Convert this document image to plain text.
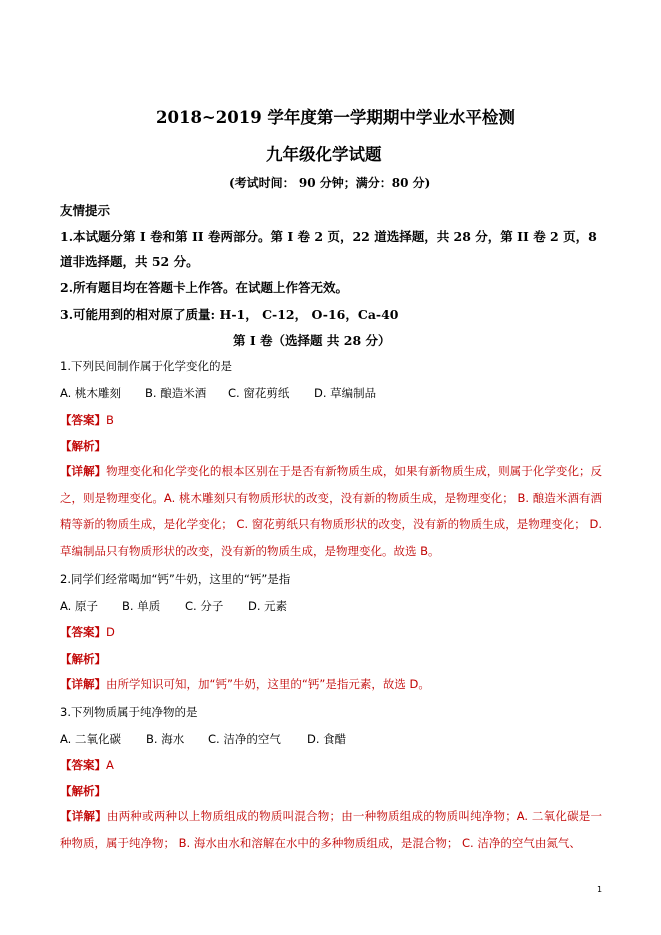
2018~2019 学年度第一学期期中学业水平检测
九年级化学试题
(考试时间： 90 分钟；满分：80 分)
友情提示
1.本试题分第 I 卷和第 II 卷两部分。第 I 卷 2 页，22 道选择题，共 28 分，第 II 卷 2 页，8
道非选择题，共 52 分。
2.所有题目均在答题卡上作答。在试题上作答无效。
3.可能用到的相对原了质量: H-1， C-12， O-16，Ca-40
第 I 卷（选择题 共 28 分）
1.下列民间制作属于化学变化的是
A. 桃木雕刻 B. 酿造米酒 C. 窗花剪纸 D. 草编制品
【答案】B
【解析】
【详解】物理变化和化学变化的根本区别在于是否有新物质生成，如果有新物质生成，则属于化学变化；反之，则是物理变化。A. 桃木雕刻只有物质形状的改变，没有新的物质生成，是物理变化； B. 酿造米酒有酒精等新的物质生成，是化学变化； C. 窗花剪纸只有物质形状的改变，没有新的物质生成，是物理变化； D. 草编制品只有物质形状的改变，没有新的物质生成，是物理变化。故选 B。
2.同学们经常喝加“钙”牛奶，这里的“钙”是指
A. 原子 B. 单质 C. 分子 D. 元素
【答案】D
【解析】
【详解】由所学知识可知，加“钙”牛奶，这里的“钙”是指元素，故选 D。
3.下列物质属于纯净物的是
A. 二氧化碳 B. 海水 C. 洁净的空气 D. 食醋
【答案】A
【解析】
【详解】由两种或两种以上物质组成的物质叫混合物；由一种物质组成的物质叫纯净物；A. 二氧化碳是一种物质，属于纯净物； B. 海水由水和溶解在水中的多种物质组成，是混合物； C. 洁净的空气由氮气、
1
